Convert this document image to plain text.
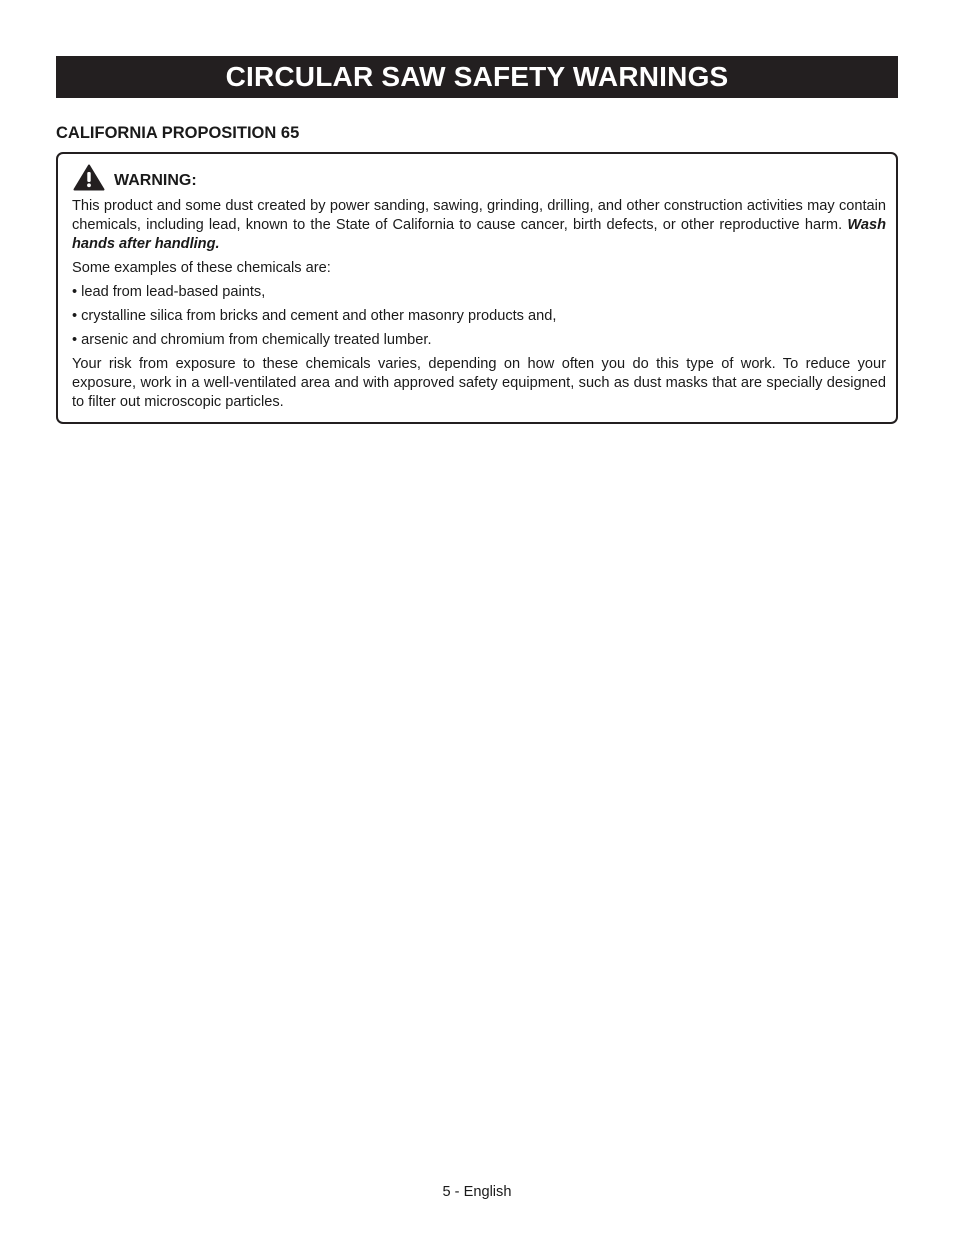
CIRCULAR SAW SAFETY WARNINGS
CALIFORNIA PROPOSITION 65
WARNING:

This product and some dust created by power sanding, sawing, grinding, drilling, and other construction activities may contain chemicals, including lead, known to the State of California to cause cancer, birth defects, or other reproductive harm. Wash hands after handling.

Some examples of these chemicals are:

• lead from lead-based paints,
• crystalline silica from bricks and cement and other masonry products and,
• arsenic and chromium from chemically treated lumber.

Your risk from exposure to these chemicals varies, depending on how often you do this type of work. To reduce your exposure, work in a well-ventilated area and with approved safety equipment, such as dust masks that are specially designed to filter out microscopic particles.

5 - English
